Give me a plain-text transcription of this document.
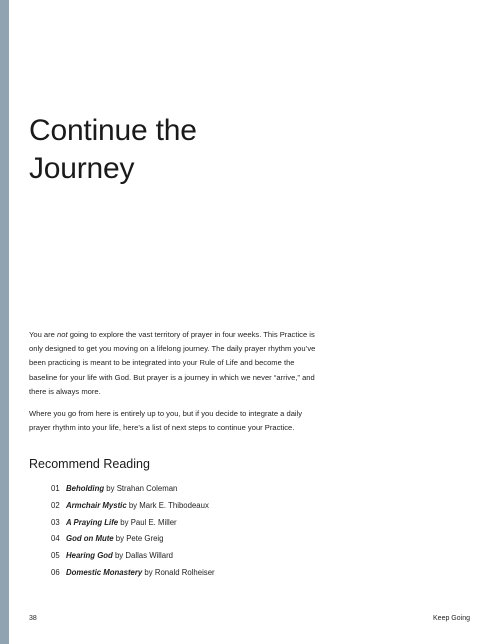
Continue the
Journey

You are not going to explore the vast territory of prayer in four weeks. This Practice is only designed to get you moving on a lifelong journey. The daily prayer rhythm you’ve been practicing is meant to be integrated into your Rule of Life and become the baseline for your life with God. But prayer is a journey in which we never “arrive,” and there is always more.

Where you go from here is entirely up to you, but if you decide to integrate a daily prayer rhythm into your life, here’s a list of next steps to continue your Practice.

Recommend Reading
01 Beholding by Strahan Coleman
02 Armchair Mystic by Mark E. Thibodeaux
03 A Praying Life by Paul E. Miller
04 God on Mute by Pete Greig
05 Hearing God by Dallas Willard
06 Domestic Monastery by Ronald Rolheiser
38	Keep Going
